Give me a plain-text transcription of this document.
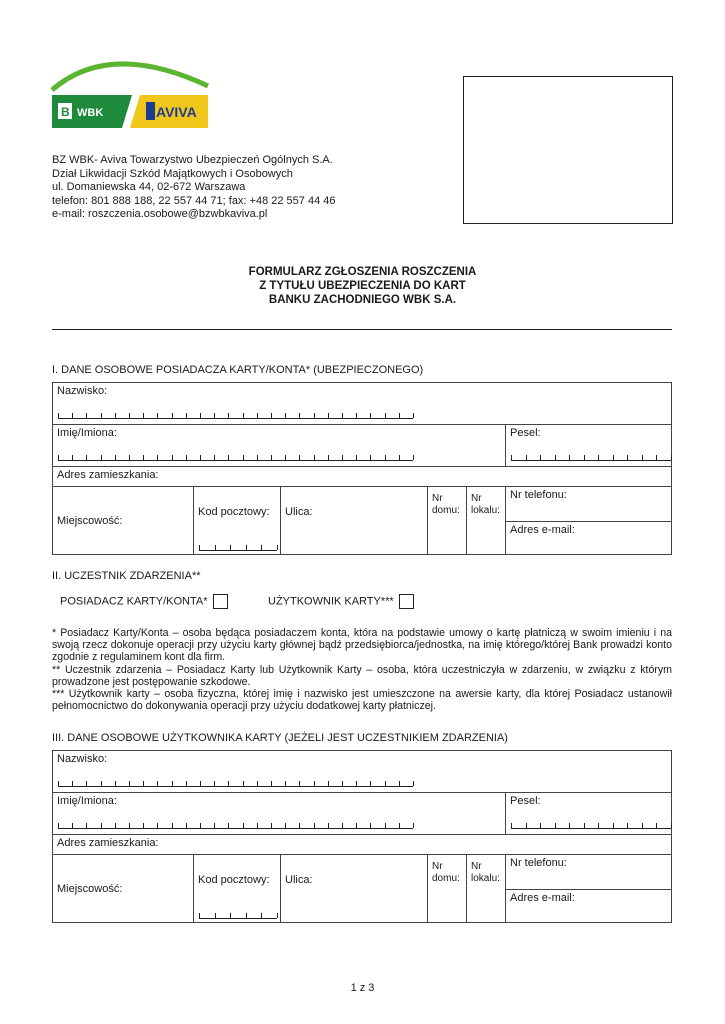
B WBK	AVIVA
BZ WBK- Aviva Towarzystwo Ubezpieczeń Ogólnych S.A.
Dział Likwidacji Szkód Majątkowych i Osobowych
ul. Domaniewska 44, 02-672 Warszawa
telefon: 801 888 188, 22 557 44 71; fax: +48 22 557 44 46
e-mail: roszczenia.osobowe@bzwbkaviva.pl
FORMULARZ ZGŁOSZENIA ROSZCZENIA
Z TYTUŁU UBEZPIECZENIA DO KART
BANKU ZACHODNIEGO WBK S.A.
I. DANE OSOBOWE POSIADACZA KARTY/KONTA* (UBEZPIECZONEGO)
Nazwisko:					

Imię/Imiona:					Pesel:

Adres zamieszkania:					

Miejscowość:	Kod pocztowy:	Ulica:	Nr
domu:	Nr
lokalu:	Nr telefonu:

					Adres e-mail:
II. UCZESTNIK ZDARZENIA**
POSIADACZ KARTY/KONTA*	UŻYTKOWNIK KARTY***

* Posiadacz Karty/Konta – osoba będąca posiadaczem konta, która na podstawie umowy o kartę płatniczą w swoim imieniu i na swoją rzecz dokonuje operacji przy użyciu karty głównej bądź przedsiębiorca/jednostka, na imię którego/której Bank prowadzi konto zgodnie z regulaminem kont dla firm.

** Uczestnik zdarzenia – Posiadacz Karty lub Użytkownik Karty – osoba, która uczestniczyła w zdarzeniu, w związku z którym prowadzone jest postępowanie szkodowe.

*** Użytkownik karty – osoba fizyczna, której imię i nazwisko jest umieszczone na awersie karty, dla której Posiadacz ustanowił pełnomocnictwo do dokonywania operacji przy użyciu dodatkowej karty płatniczej.

III. DANE OSOBOWE UŻYTKOWNIKA KARTY (JEŻELI JEST UCZESTNIKIEM ZDARZENIA)
Nazwisko:					

Imię/Imiona:					Pesel:

Adres zamieszkania:					

Miejscowość:	Kod pocztowy:	Ulica:	Nr
domu:	Nr
lokalu:	Nr telefonu:

					Adres e-mail:
1 z 3
